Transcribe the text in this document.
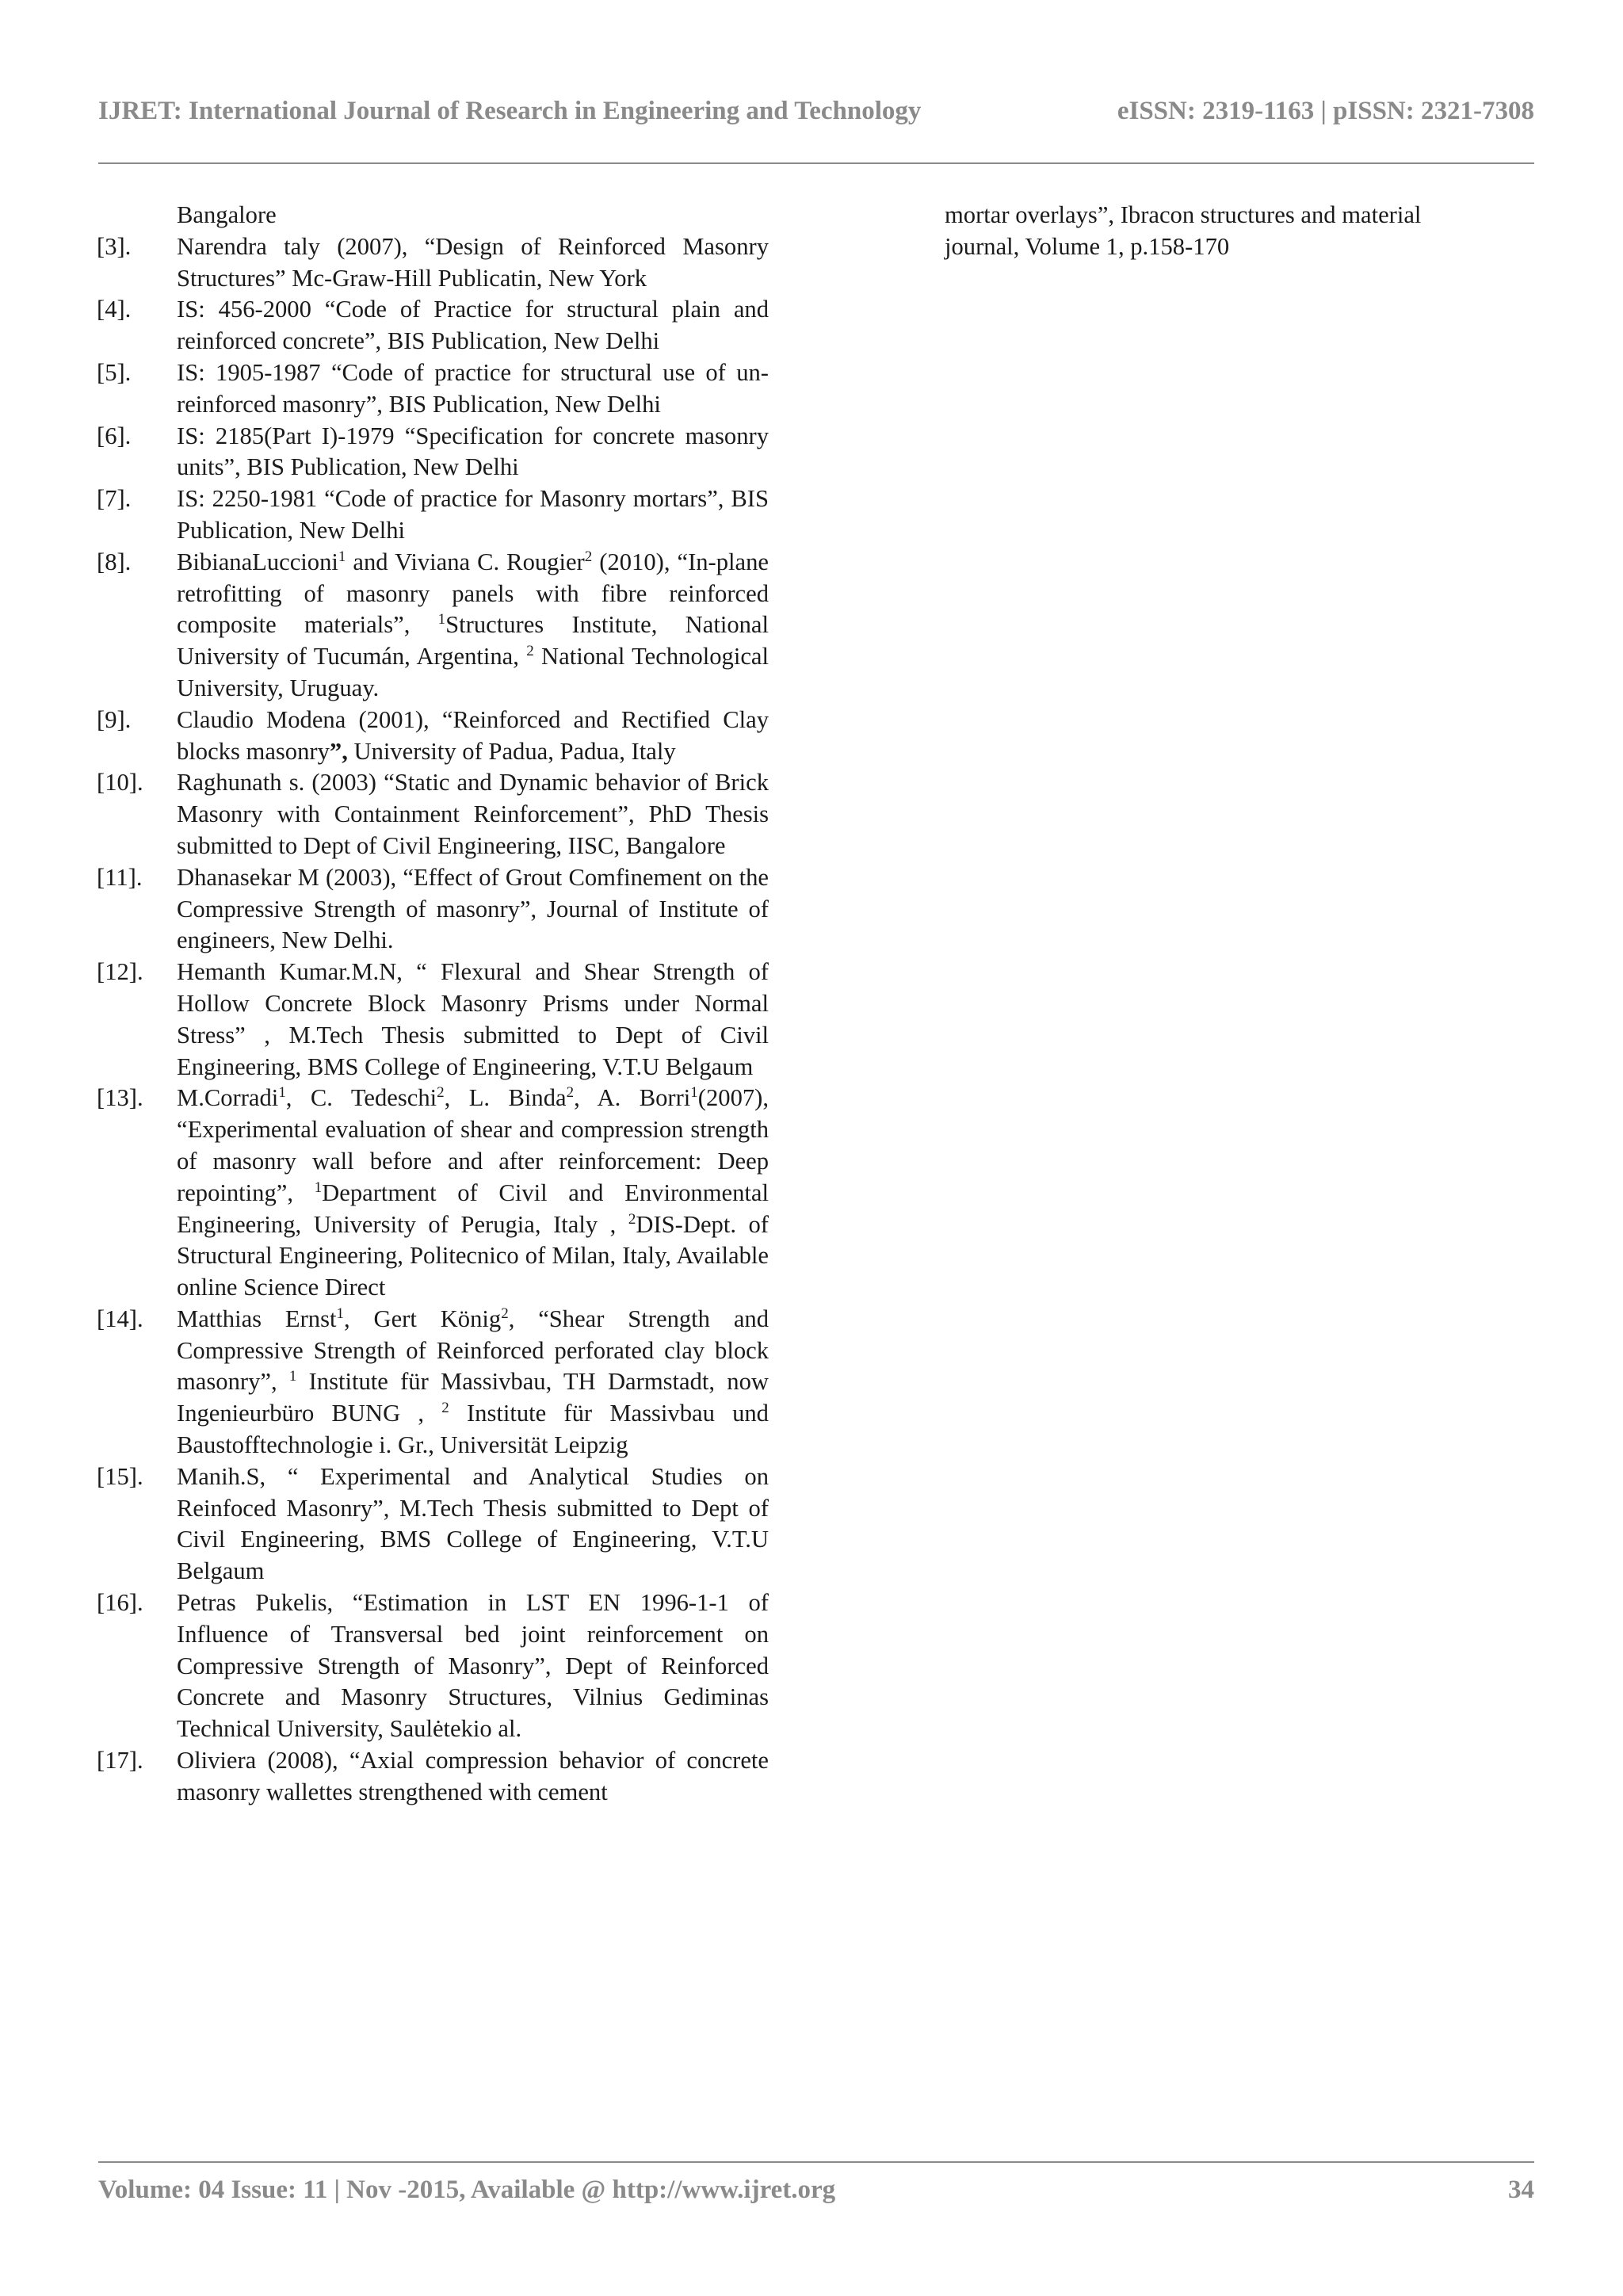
IJRET: International Journal of Research in Engineering and Technology	eISSN: 2319-1163 | pISSN: 2321-7308
Bangalore
[3]. Narendra taly (2007), “Design of Reinforced Masonry Structures” Mc-Graw-Hill Publicatin, New York
[4]. IS: 456-2000 “Code of Practice for structural plain and reinforced concrete”, BIS Publication, New Delhi
[5]. IS: 1905-1987 “Code of practice for structural use of un-reinforced masonry”, BIS Publication, New Delhi
[6]. IS: 2185(Part I)-1979 “Specification for concrete masonry units”, BIS Publication, New Delhi
[7]. IS: 2250-1981 “Code of practice for Masonry mortars”, BIS Publication, New Delhi
[8]. BibianaLuccioni$^1$ and Viviana C. Rougier$^2$ (2010), “In-plane retrofitting of masonry panels with fibre reinforced composite materials”, $^1$Structures Institute, National University of Tucumán, Argentina, $^2$ National Technological University, Uruguay.
[9]. Claudio Modena (2001), “Reinforced and Rectified Clay blocks masonry”, University of Padua, Padua, Italy
[10]. Raghunath s. (2003) “Static and Dynamic behavior of Brick Masonry with Containment Reinforcement”, PhD Thesis submitted to Dept of Civil Engineering, IISC, Bangalore
[11]. Dhanasekar M (2003), “Effect of Grout Comfinement on the Compressive Strength of masonry”, Journal of Institute of engineers, New Delhi.
[12]. Hemanth Kumar.M.N, “ Flexural and Shear Strength of Hollow Concrete Block Masonry Prisms under Normal Stress” , M.Tech Thesis submitted to Dept of Civil Engineering, BMS College of Engineering, V.T.U Belgaum
[13]. M.Corradi$^1$, C. Tedeschi$^2$, L. Binda$^2$, A. Borri$^1$(2007), “Experimental evaluation of shear and compression strength of masonry wall before and after reinforcement: Deep repointing”, $^1$Department of Civil and Environmental Engineering, University of Perugia, Italy , $^2$DIS-Dept. of Structural Engineering, Politecnico of Milan, Italy, Available online Science Direct
[14]. Matthias Ernst$^1$, Gert König$^2$, “Shear Strength and Compressive Strength of Reinforced perforated clay block masonry”, $^1$ Institute für Massivbau, TH Darmstadt, now Ingenieurbüro BUNG , $^2$ Institute für Massivbau und Baustofftechnologie i. Gr., Universität Leipzig
[15]. Manih.S, “ Experimental and Analytical Studies on Reinfoced Masonry”, M.Tech Thesis submitted to Dept of Civil Engineering, BMS College of Engineering, V.T.U Belgaum
[16]. Petras Pukelis, “Estimation in LST EN 1996-1-1 of Influence of Transversal bed joint reinforcement on Compressive Strength of Masonry”, Dept of Reinforced Concrete and Masonry Structures, Vilnius Gediminas Technical University, Saulėtekio al.
[17]. Oliviera (2008), “Axial compression behavior of concrete masonry wallettes strengthened with cement

mortar overlays”, Ibracon structures and material

journal, Volume 1, p.158-170

Volume: 04 Issue: 11 | Nov -2015, Available @ http://www.ijret.org	34
